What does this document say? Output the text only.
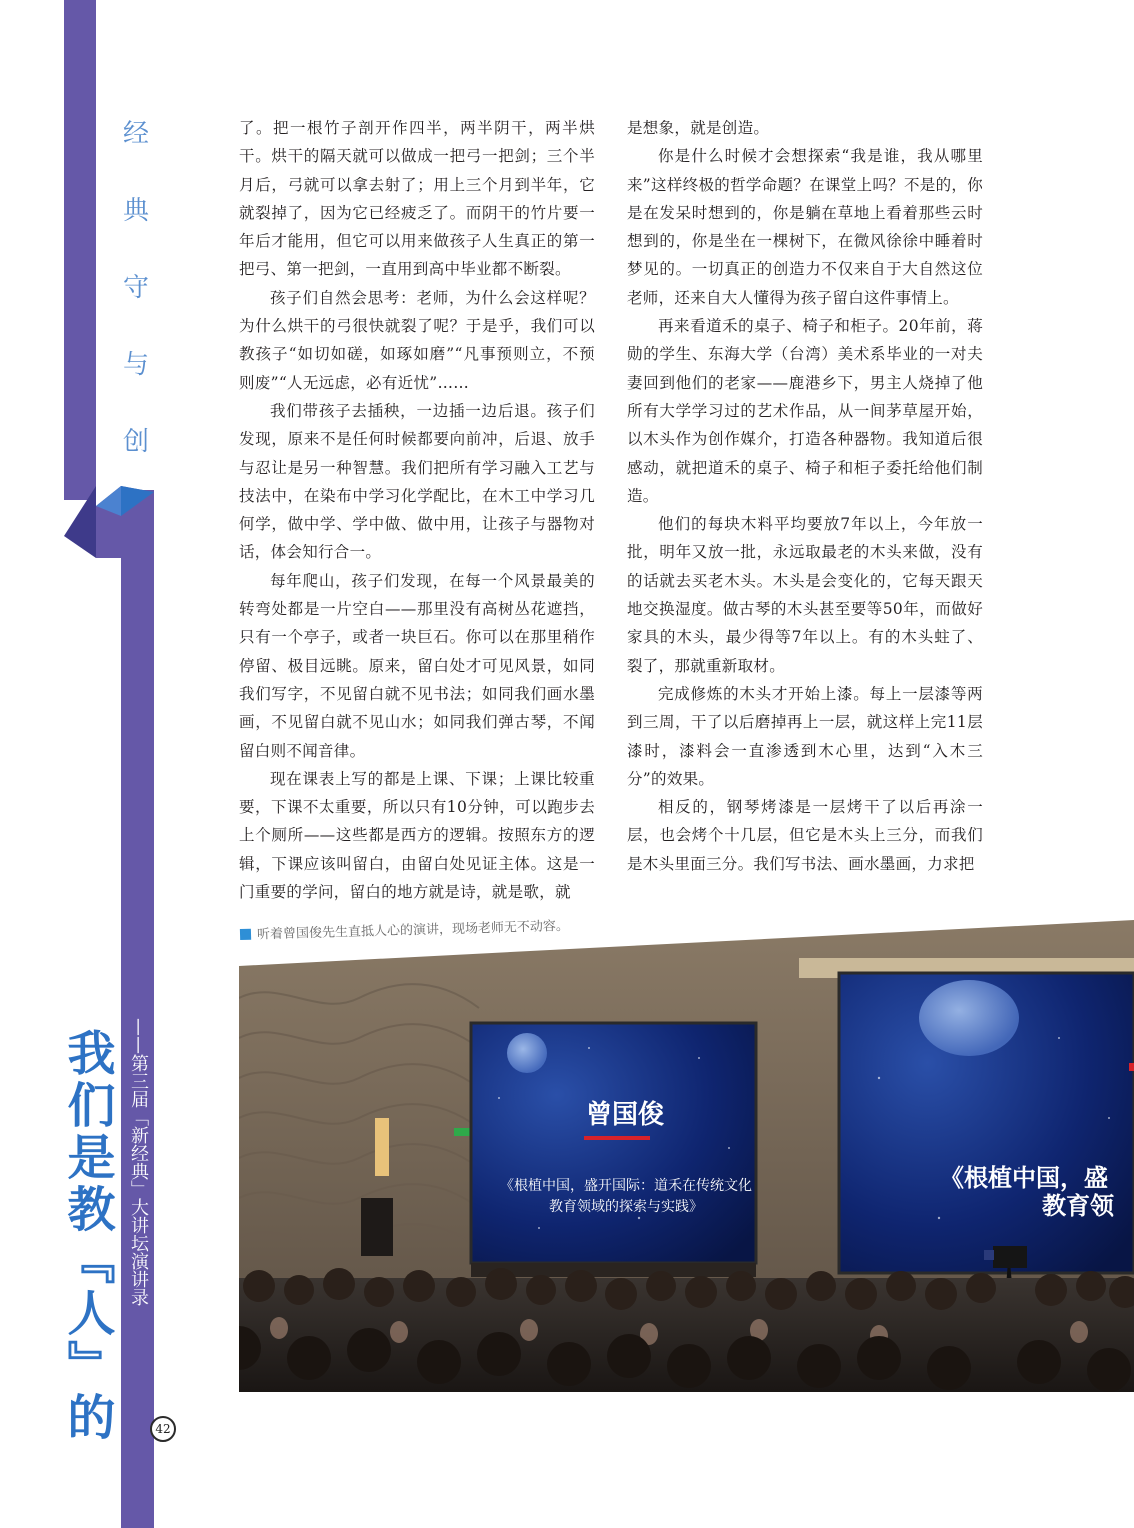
经
典
守
与
创
我们是教『人』的 ——第三届「新经典」大讲坛演讲录
42

了。把一根竹子剖开作四半，两半阴干，两半烘干。烘干的隔天就可以做成一把弓一把剑；三个半月后，弓就可以拿去射了；用上三个月到半年，它就裂掉了，因为它已经疲乏了。而阴干的竹片要一年后才能用，但它可以用来做孩子人生真正的第一把弓、第一把剑，一直用到高中毕业都不断裂。

孩子们自然会思考：老师，为什么会这样呢？为什么烘干的弓很快就裂了呢？于是乎，我们可以教孩子“如切如磋，如琢如磨”“凡事预则立，不预则废”“人无远虑，必有近忧”……

我们带孩子去插秧，一边插一边后退。孩子们发现，原来不是任何时候都要向前冲，后退、放手与忍让是另一种智慧。我们把所有学习融入工艺与技法中，在染布中学习化学配比，在木工中学习几何学，做中学、学中做、做中用，让孩子与器物对话，体会知行合一。

每年爬山，孩子们发现，在每一个风景最美的转弯处都是一片空白——那里没有高树丛花遮挡，只有一个亭子，或者一块巨石。你可以在那里稍作停留、极目远眺。原来，留白处才可见风景，如同我们写字，不见留白就不见书法；如同我们画水墨画，不见留白就不见山水；如同我们弹古琴，不闻留白则不闻音律。

现在课表上写的都是上课、下课；上课比较重要，下课不太重要，所以只有10分钟，可以跑步去上个厕所——这些都是西方的逻辑。按照东方的逻辑，下课应该叫留白，由留白处见证主体。这是一门重要的学问，留白的地方就是诗，就是歌，就

是想象，就是创造。

你是什么时候才会想探索“我是谁，我从哪里来”这样终极的哲学命题？在课堂上吗？不是的，你是在发呆时想到的，你是躺在草地上看着那些云时想到的，你是坐在一棵树下，在微风徐徐中睡着时梦见的。一切真正的创造力不仅来自于大自然这位老师，还来自大人懂得为孩子留白这件事情上。

再来看道禾的桌子、椅子和柜子。20年前，蒋勋的学生、东海大学（台湾）美术系毕业的一对夫妻回到他们的老家——鹿港乡下，男主人烧掉了他所有大学学习过的艺术作品，从一间茅草屋开始，以木头作为创作媒介，打造各种器物。我知道后很感动，就把道禾的桌子、椅子和柜子委托给他们制造。

他们的每块木料平均要放7年以上，今年放一批，明年又放一批，永远取最老的木头来做，没有的话就去买老木头。木头是会变化的，它每天跟天地交换湿度。做古琴的木头甚至要等50年，而做好家具的木头，最少得等7年以上。有的木头蛀了、裂了，那就重新取材。

完成修炼的木头才开始上漆。每上一层漆等两到三周，干了以后磨掉再上一层，就这样上完11层漆时，漆料会一直渗透到木心里，达到“入木三分”的效果。

相反的，钢琴烤漆是一层烤干了以后再涂一层，也会烤个十几层，但它是木头上三分，而我们是木头里面三分。我们写书法、画水墨画，力求把

曾国俊
《根植中国，盛开国际：道禾在传统文化
教育领域的探索与实践》
《根植中国，盛
教育领
听着曾国俊先生直抵人心的演讲，现场老师无不动容。
